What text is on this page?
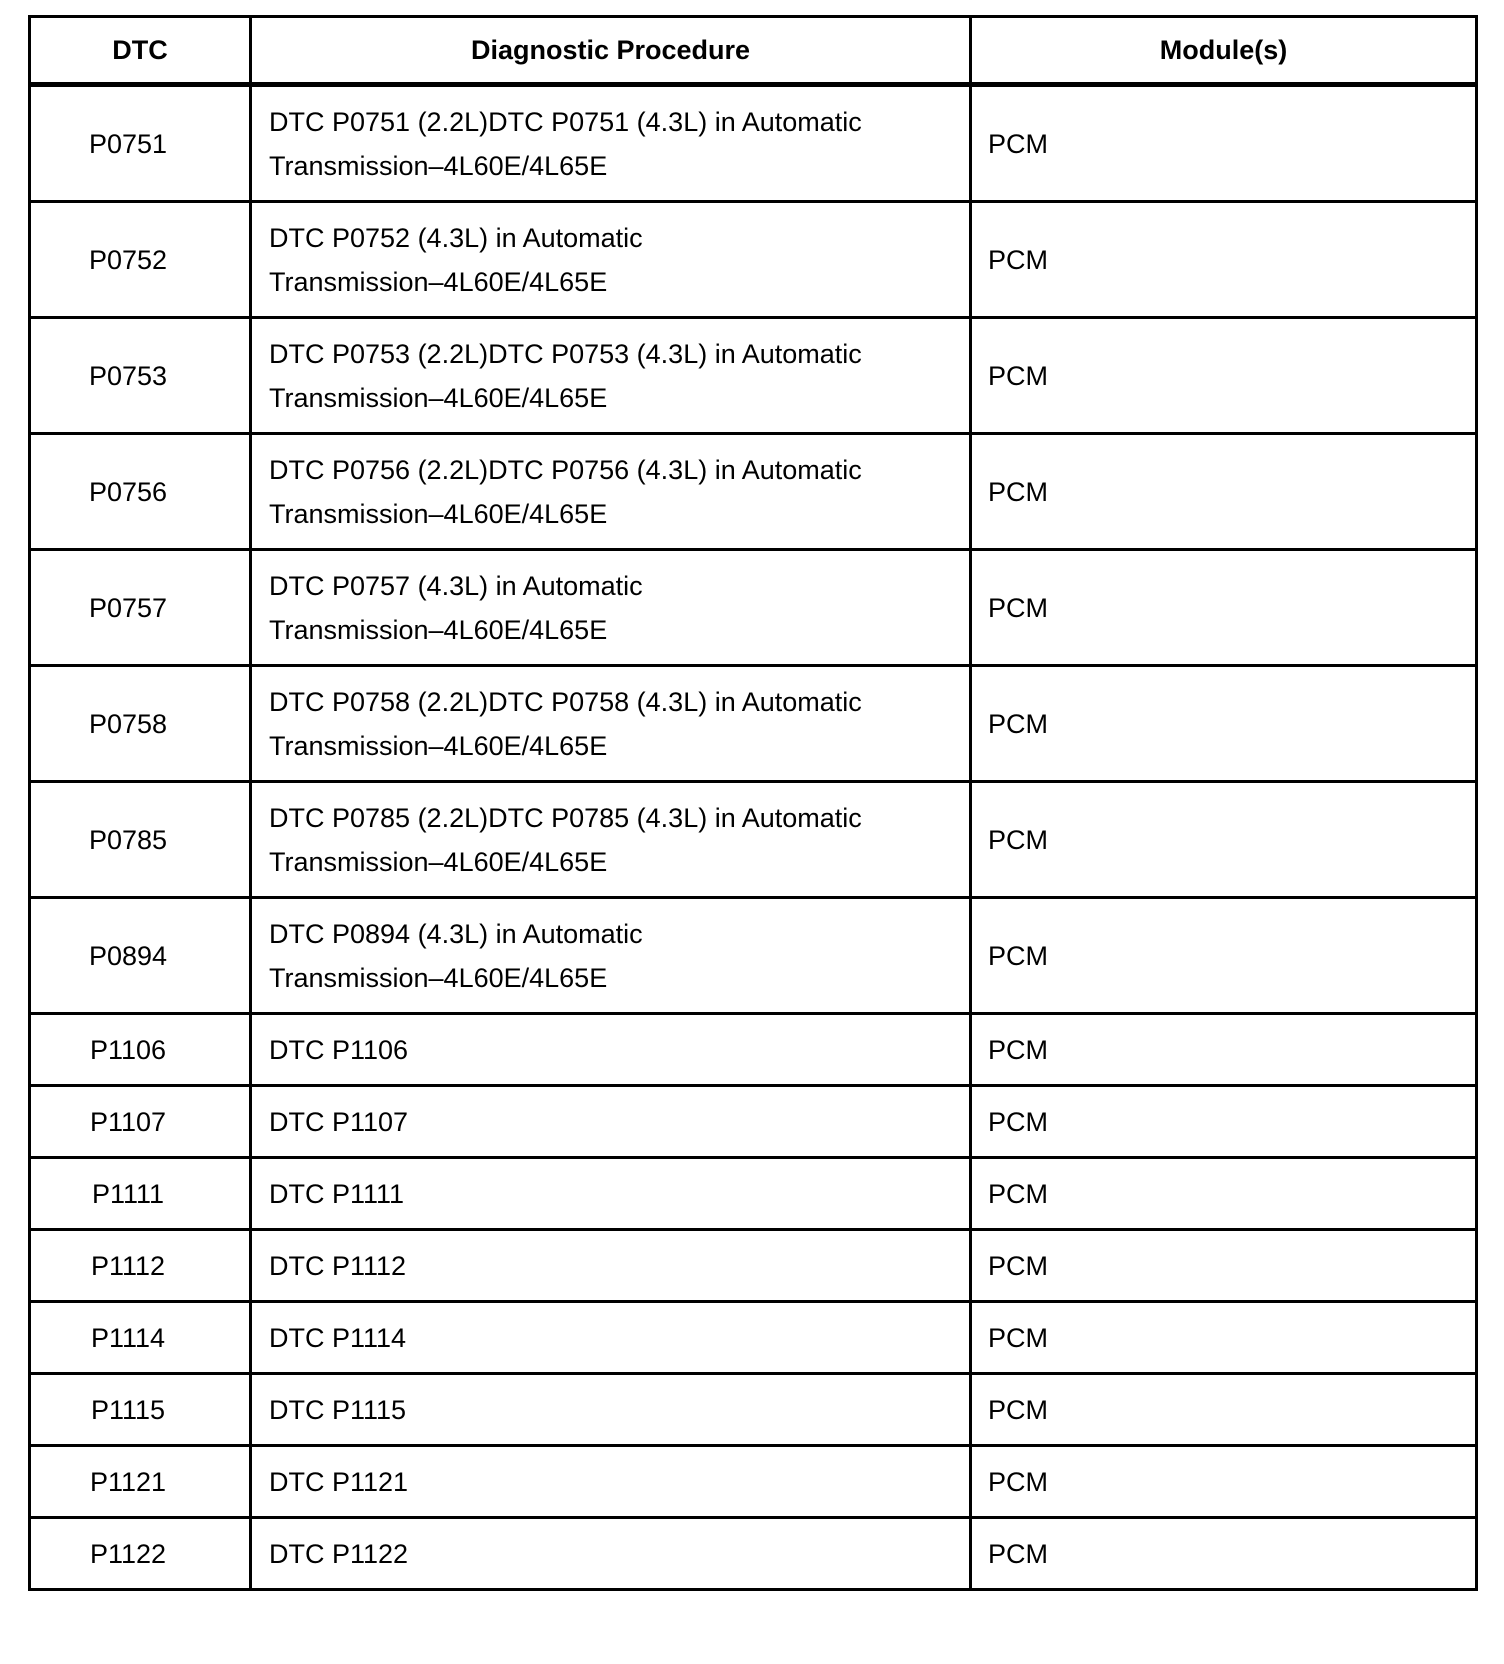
DTC	Diagnostic Procedure	Module(s)
P0751	DTC P0751 (2.2L)DTC P0751 (4.3L) in Automatic
Transmission–4L60E/4L65E	PCM
P0752	DTC P0752 (4.3L) in Automatic
Transmission–4L60E/4L65E	PCM
P0753	DTC P0753 (2.2L)DTC P0753 (4.3L) in Automatic
Transmission–4L60E/4L65E	PCM
P0756	DTC P0756 (2.2L)DTC P0756 (4.3L) in Automatic
Transmission–4L60E/4L65E	PCM
P0757	DTC P0757 (4.3L) in Automatic
Transmission–4L60E/4L65E	PCM
P0758	DTC P0758 (2.2L)DTC P0758 (4.3L) in Automatic
Transmission–4L60E/4L65E	PCM
P0785	DTC P0785 (2.2L)DTC P0785 (4.3L) in Automatic
Transmission–4L60E/4L65E	PCM
P0894	DTC P0894 (4.3L) in Automatic
Transmission–4L60E/4L65E	PCM
P1106	DTC P1106	PCM
P1107	DTC P1107	PCM
P1111	DTC P1111	PCM
P1112	DTC P1112	PCM
P1114	DTC P1114	PCM
P1115	DTC P1115	PCM
P1121	DTC P1121	PCM
P1122	DTC P1122	PCM
